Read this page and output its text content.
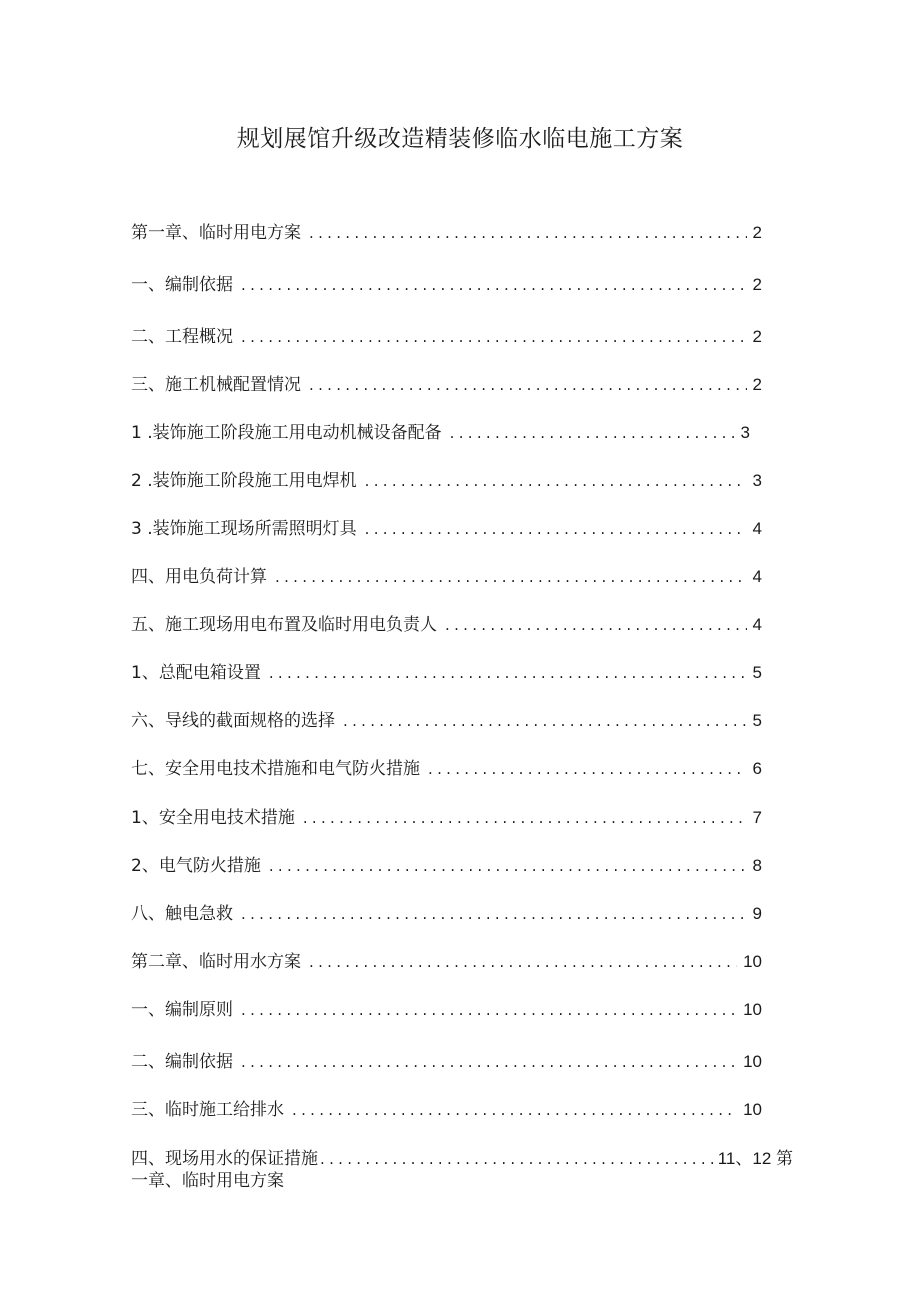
规划展馆升级改造精装修临水临电施工方案
第一章、临时用电方案 .....	2
一、编制依据 .....	2
二、工程概况 .....	2
三、施工机械配置情况 .....	2
1 .装饰施工阶段施工用电动机械设备配备 .....	3
2 .装饰施工阶段施工用电焊机 .....	3
3 .装饰施工现场所需照明灯具 .....	4
四、用电负荷计算 .....	4
五、施工现场用电布置及临时用电负责人 .....	4
1、总配电箱设置 .....	5
六、导线的截面规格的选择 .....	5
七、安全用电技术措施和电气防火措施 .....	6
1、安全用电技术措施 .....	7
2、电气防火措施 .....	8
八、触电急救 .....	9
第二章、临时用水方案 .....	10
一、编制原则 .....	10
二、编制依据 .....	10
三、临时施工给排水 .....	10
四、现场用水的保证措施 .....	11、12 第
一章、临时用电方案
